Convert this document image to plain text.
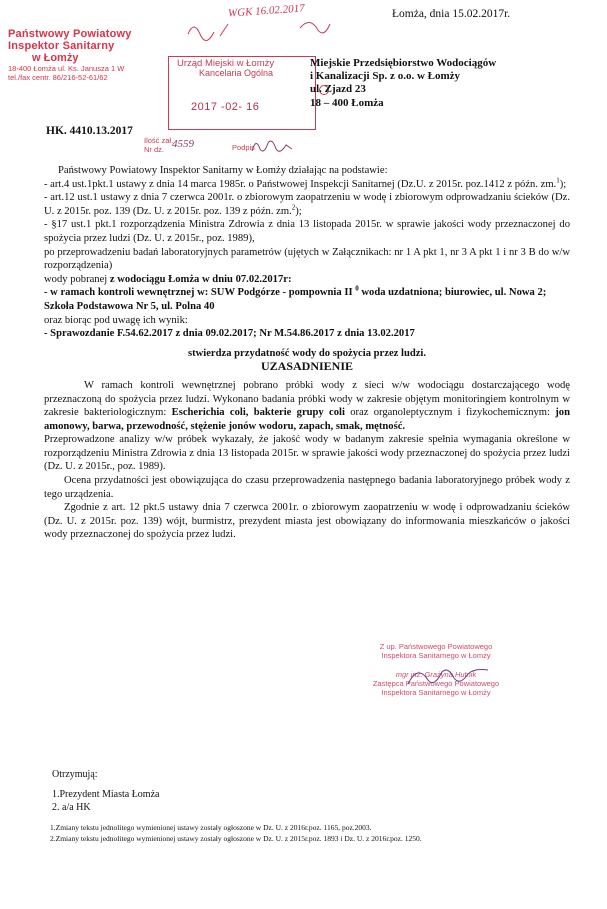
Łomża, dnia 15.02.2017r.
WGK 16.02.2017
Państwowy Powiatowy
Inspektor Sanitarny
w Łomży
18-400 Łomża ul. Ks. Janusza 1 W
tel./fax centr. 86/216-52-61/62
Urząd Miejski w Łomży
Kancelaria Ogólna
2017 -02- 16
Ilość zał.
Nr dz. 4559	Podpis
Miejskie Przedsiębiorstwo Wodociągów
i Kanalizacji Sp. z o.o. w Łomży
ul. Zjazd 23
18 – 400 Łomża
HK. 4410.13.2017

Państwowy Powiatowy Inspektor Sanitarny w Łomży działając na podstawie:

- art.4 ust.1pkt.1 ustawy z dnia 14 marca 1985r. o Państwowej Inspekcji Sanitarnej (Dz.U. z 2015r. poz.1412 z późn. zm.$^1$);

- art.12 ust.1 ustawy z dnia 7 czerwca 2001r. o zbiorowym zaopatrzeniu w wodę i zbiorowym odprowadzaniu ścieków (Dz. U. z 2015r. poz. 139 (Dz. U. z 2015r. poz. 139 z późn. zm.$^2$);

- §17 ust.1 pkt.1 rozporządzenia Ministra Zdrowia z dnia 13 listopada 2015r. w sprawie jakości wody przeznaczonej do spożycia przez ludzi (Dz. U. z 2015r., poz. 1989),

po przeprowadzeniu badań laboratoryjnych parametrów (ujętych w Załącznikach: nr 1 A pkt 1, nr 3 A pkt 1 i nr 3 B do w/w rozporządzenia)

wody pobranej z wodociągu Łomża w dniu 07.02.2017r:

- w ramach kontroli wewnętrznej w: SUW Podgórze - pompownia II $^0$ woda uzdatniona; biurowiec, ul. Nowa 2; Szkoła Podstawowa Nr 5, ul. Polna 40

oraz biorąc pod uwagę ich wynik:

- Sprawozdanie F.54.62.2017 z dnia 09.02.2017; Nr M.54.86.2017 z dnia 13.02.2017

stwierdza przydatność wody do spożycia przez ludzi.

UZASADNIENIE

W ramach kontroli wewnętrznej pobrano próbki wody z sieci w/w wodociągu dostarczającego wodę przeznaczoną do spożycia przez ludzi. Wykonano badania próbki wody w zakresie objętym monitoringiem kontrolnym w zakresie bakteriologicznym: Escherichia coli, bakterie grupy coli oraz organoleptycznym i fizykochemicznym: jon amonowy, barwa, przewodność, stężenie jonów wodoru, zapach, smak, mętność.

Przeprowadzone analizy w/w próbek wykazały, że jakość wody w badanym zakresie spełnia wymagania określone w rozporządzeniu Ministra Zdrowia z dnia 13 listopada 2015r. w sprawie jakości wody przeznaczonej do spożycia przez ludzi (Dz. U. z 2015r., poz. 1989).

Ocena przydatności jest obowiązująca do czasu przeprowadzenia następnego badania laboratoryjnego próbek wody z tego urządzenia.

Zgodnie z art. 12 pkt.5 ustawy dnia 7 czerwca 2001r. o zbiorowym zaopatrzeniu w wodę i odprowadzaniu ścieków (Dz. U. z 2015r. poz. 139) wójt, burmistrz, prezydent miasta jest obowiązany do informowania mieszkańców o jakości wody przeznaczonej do spożycia przez ludzi.

Z up. Państwowego Powiatowego
Inspektora Sanitarnego w Łomży
mgr inż. Grażyna Hutnik
Zastępca Państwowego Powiatowego
Inspektora Sanitarnego w Łomży
Otrzymują:
1.Prezydent Miasta Łomża
2. a/a HK
1.Zmiany tekstu jednolitego wymienionej ustawy zostały ogłoszone w Dz. U. z 2016r.poz. 1165, poz.2003.
2.Zmiany tekstu jednolitego wymienionej ustawy zostały ogłoszone w Dz. U. z 2015r.poz. 1893 i Dz. U. z 2016r.poz. 1250.
